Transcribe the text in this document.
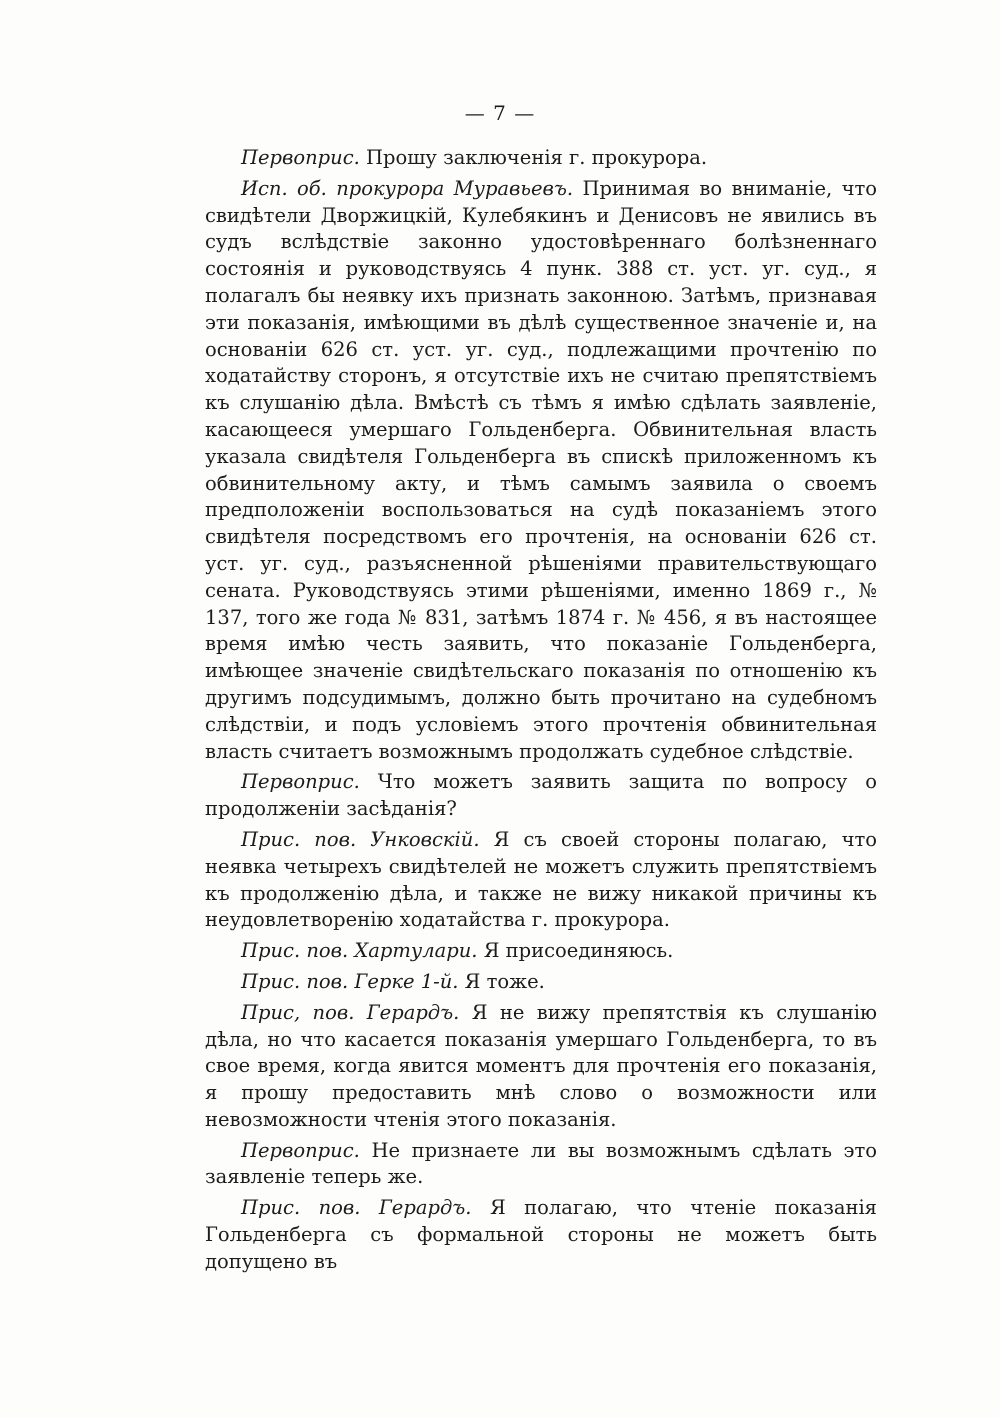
— 7 —

Первоприс. Прошу заключенія г. прокурора.

Исп. об. прокурора Муравьевъ. Принимая во вниманіе, что свидѣтели Дворжицкій, Кулебякинъ и Денисовъ не явились въ судъ вслѣдствіе законно удостовѣреннаго болѣзненнаго состоянія и руководствуясь 4 пунк. 388 ст. уст. уг. суд., я полагалъ бы неявку ихъ признать законною. Затѣмъ, признавая эти показанія, имѣющими въ дѣлѣ существенное значеніе и, на основаніи 626 ст. уст. уг. суд., подлежащими прочтенію по ходатайству сторонъ, я отсутствіе ихъ не считаю препятствіемъ къ слушанію дѣла. Вмѣстѣ съ тѣмъ я имѣю сдѣлать заявленіе, касающееся умершаго Гольденберга. Обвинительная власть указала свидѣтеля Гольденберга въ спискѣ приложенномъ къ обвинительному акту, и тѣмъ самымъ заявила о своемъ предположеніи воспользоваться на судѣ показаніемъ этого свидѣтеля посредствомъ его прочтенія, на основаніи 626 ст. уст. уг. суд., разъясненной рѣшеніями правительствующаго сената. Руководствуясь этими рѣшеніями, именно 1869 г., № 137, того же года № 831, затѣмъ 1874 г. № 456, я въ настоящее время имѣю честь заявить, что показаніе Гольденберга, имѣющее значеніе свидѣтельскаго показанія по отношенію къ другимъ подсудимымъ, должно быть прочитано на судебномъ слѣдствіи, и подъ условіемъ этого прочтенія обвинительная власть считаетъ возможнымъ продолжать судебное слѣдствіе.

Первоприс. Что можетъ заявить защита по вопросу о продолженіи засѣданія?

Прис. пов. Унковскій. Я съ своей стороны полагаю, что неявка четырехъ свидѣтелей не можетъ служить препятствіемъ къ продолженію дѣла, и также не вижу никакой причины къ неудовлетворенію ходатайства г. прокурора.

Прис. пов. Хартулари. Я присоединяюсь.

Прис. пов. Герке 1-й. Я тоже.

Прис, пов. Герардъ. Я не вижу препятствія къ слушанію дѣла, но что касается показанія умершаго Гольденберга, то въ свое время, когда явится моментъ для прочтенія его показанія, я прошу предоставить мнѣ слово о возможности или невозможности чтенія этого показанія.

Первоприс. Не признаете ли вы возможнымъ сдѣлать это заявленіе теперь же.

Прис. пов. Герардъ. Я полагаю, что чтеніе показанія Гольденберга съ формальной стороны не можетъ быть допущено въ
